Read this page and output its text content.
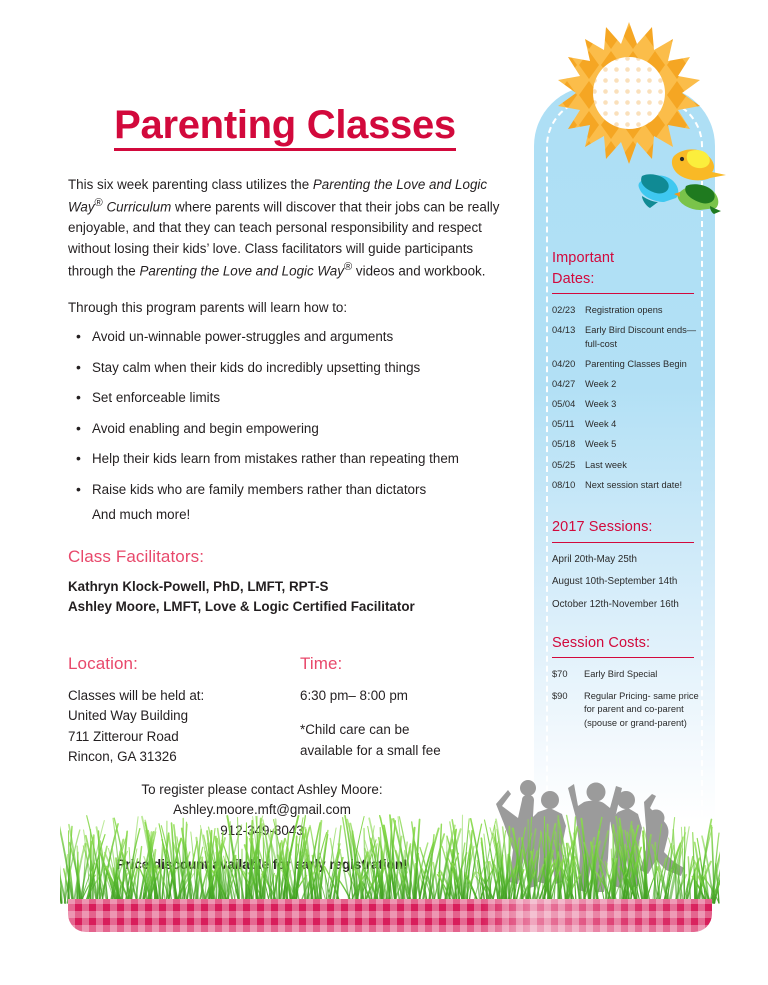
Important
Dates:
02/23	Registration opens
04/13	Early Bird Discount ends—full-cost
04/20	Parenting Classes Begin
04/27	Week 2
05/04	Week 3
05/11	Week 4
05/18	Week 5
05/25	Last week
08/10	Next session start date!
2017 Sessions:
April 20th-May 25th
August 10th-September 14th
October 12th-November 16th
Session Costs:
$70	Early Bird Special
$90	Regular Pricing- same price for parent and co-parent (spouse or grand-parent)
Parenting Classes

This six week parenting class utilizes the Parenting the Love and Logic Way® Curriculum where parents will discover that their jobs can be really enjoyable, and that they can teach personal responsibility and respect without losing their kids’ love. Class facilitators will guide participants through the Parenting the Love and Logic Way® videos and workbook.

Through this program parents will learn how to:

• Avoid un-winnable power-struggles and arguments
• Stay calm when their kids do incredibly upsetting things
• Set enforceable limits
• Avoid enabling and begin empowering
• Help their kids learn from mistakes rather than repeating them
• Raise kids who are family members rather than dictators
And much more!
Class Facilitators:
Kathryn Klock-Powell, PhD, LMFT, RPT-S
Ashley Moore, LMFT, Love & Logic Certified Facilitator
Location:
Classes will be held at:
United Way Building
711 Zitterour Road
Rincon, GA 31326
Time:
6:30 pm– 8:00 pm
*Child care can be
available for a small fee
To register please contact Ashley Moore:
Ashley.moore.mft@gmail.com
912-349-8043
Price discount available for early registration!
